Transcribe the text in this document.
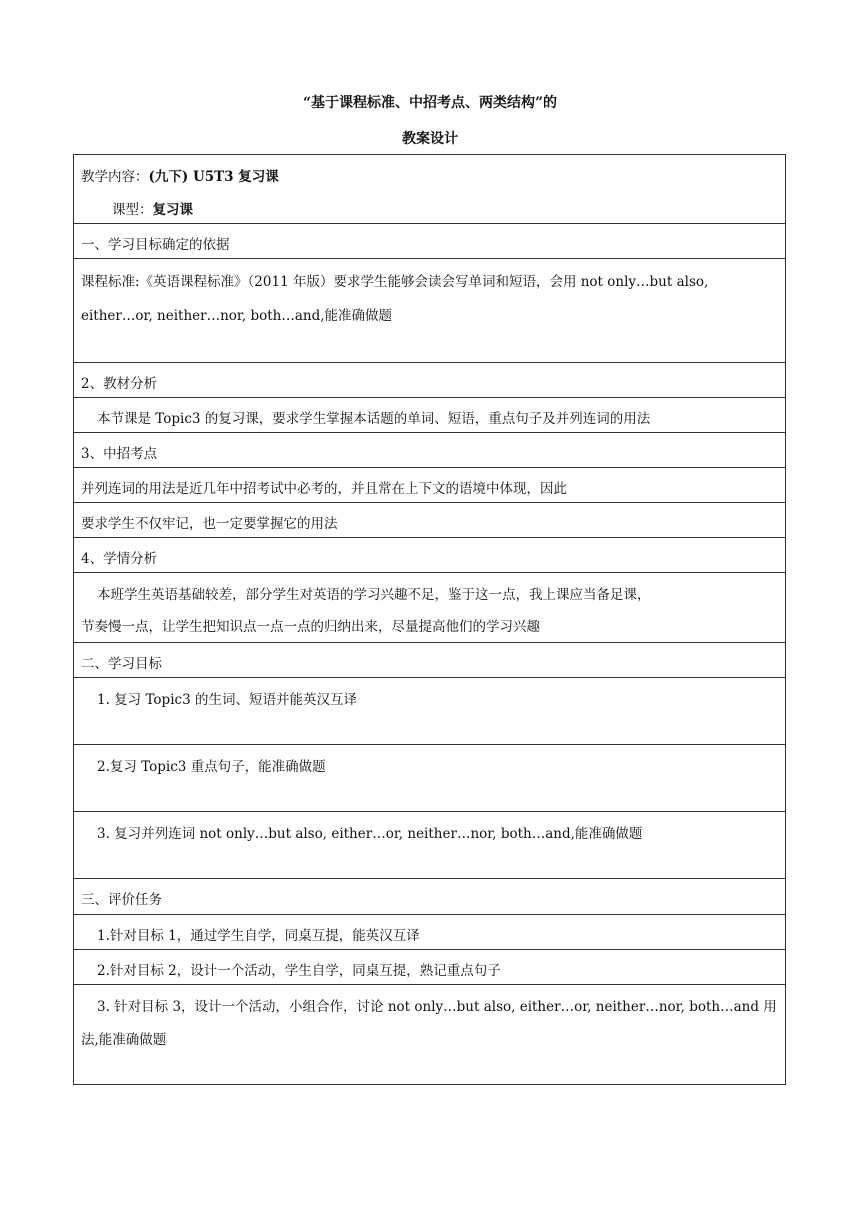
“基于课程标准、中招考点、两类结构”的
教案设计
教学内容：(九下) U5T3 复习课
课型：复习课
一、学习目标确定的依据
课程标准:《英语课程标准》（2011 年版）要求学生能够会读会写单词和短语，会用 not only…but also,
either…or, neither…nor, both…and,能准确做题
2、教材分析
本节课是 Topic3 的复习课，要求学生掌握本话题的单词、短语，重点句子及并列连词的用法
3、中招考点
并列连词的用法是近几年中招考试中必考的，并且常在上下文的语境中体现，因此
要求学生不仅牢记，也一定要掌握它的用法
4、学情分析
本班学生英语基础较差，部分学生对英语的学习兴趣不足，鉴于这一点，我上课应当备足课，
节奏慢一点，让学生把知识点一点一点的归纳出来，尽量提高他们的学习兴趣
二、学习目标
1. 复习 Topic3 的生词、短语并能英汉互译
2.复习 Topic3 重点句子，能准确做题
3. 复习并列连词 not only…but also, either…or, neither…nor, both…and,能准确做题
三、评价任务
1.针对目标 1，通过学生自学，同桌互提，能英汉互译
2.针对目标 2，设计一个活动，学生自学，同桌互提，熟记重点句子
3. 针对目标 3，设计一个活动，小组合作，讨论 not only…but also, either…or, neither…nor, both…and 用
法,能准确做题
